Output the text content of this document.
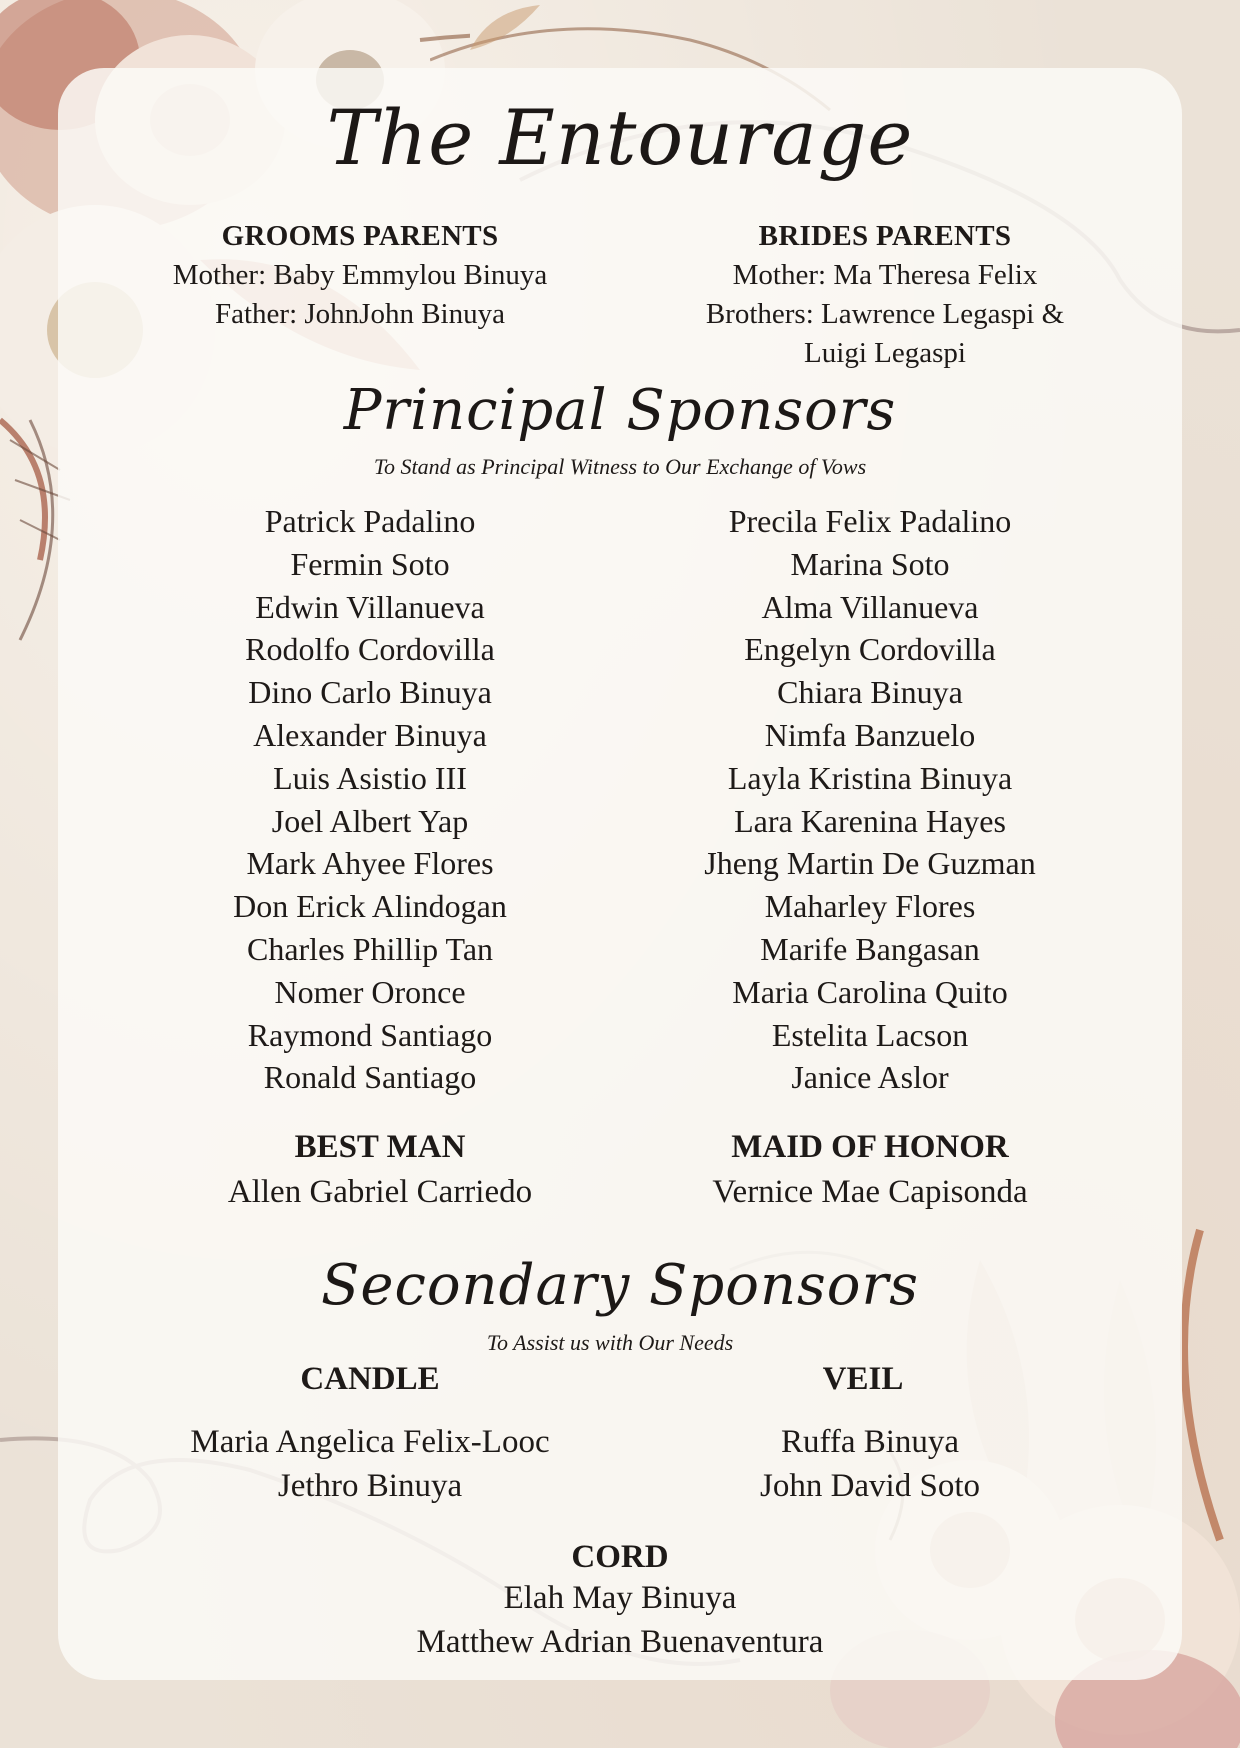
The Entourage
GROOMS PARENTS
Mother: Baby Emmylou Binuya
Father: JohnJohn Binuya
BRIDES PARENTS
Mother: Ma Theresa Felix
Brothers: Lawrence Legaspi &
Luigi Legaspi
Principal Sponsors
To Stand as Principal Witness to Our Exchange of Vows
Patrick Padalino
Fermin Soto
Edwin Villanueva
Rodolfo Cordovilla
Dino Carlo Binuya
Alexander Binuya
Luis Asistio III
Joel Albert Yap
Mark Ahyee Flores
Don Erick Alindogan
Charles Phillip Tan
Nomer Oronce
Raymond Santiago
Ronald Santiago
Precila Felix Padalino
Marina Soto
Alma Villanueva
Engelyn Cordovilla
Chiara Binuya
Nimfa Banzuelo
Layla Kristina Binuya
Lara Karenina Hayes
Jheng Martin De Guzman
Maharley Flores
Marife Bangasan
Maria Carolina Quito
Estelita Lacson
Janice Aslor
BEST MAN
Allen Gabriel Carriedo
MAID OF HONOR
Vernice Mae Capisonda
Secondary Sponsors
To Assist us with Our Needs
CANDLE
Maria Angelica Felix-Looc
Jethro Binuya
VEIL
Ruffa Binuya
John David Soto
CORD
Elah May Binuya
Matthew Adrian Buenaventura
